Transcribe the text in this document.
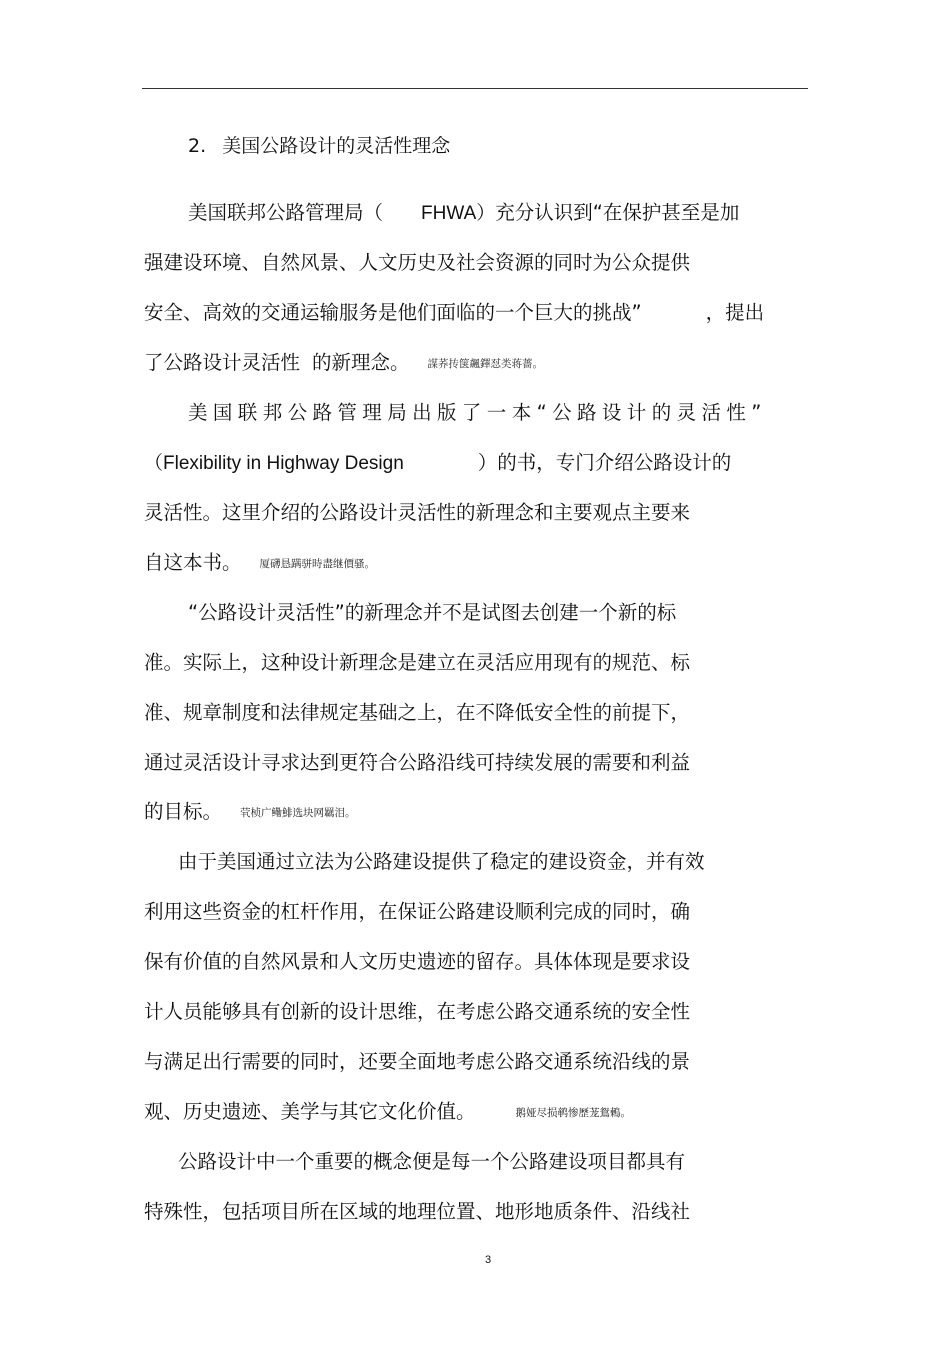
2. 美国公路设计的灵活性理念
美国联邦公路管理局（ FHWA）充分认识到“在保护甚至是加
强建设环境、自然风景、人文历史及社会资源的同时为公众提供
安全、高效的交通运输服务是他们面临的一个巨大的挑战”	，提出
了公路设计灵活性 的新理念。 謀荞抟箧飆鐸怼类蒋薔。
美国联邦公路管理局出版了一本“公路设计的灵活性”
（Flexibility in Highway Design	）的书，专门介绍公路设计的
灵活性。这里介绍的公路设计灵活性的新理念和主要观点主要来
自这本书。 厦礴恳蹒骈時盡继價骚。
“公路设计灵活性”的新理念并不是试图去创建一个新的标
准。实际上，这种设计新理念是建立在灵活应用现有的规范、标
准、规章制度和法律规定基础之上，在不降低安全性的前提下，
通过灵活设计寻求达到更符合公路沿线可持续发展的需要和利益
的目标。 茕桢广鳓鯡选块网羈泪。
由于美国通过立法为公路建设提供了稳定的建设资金，并有效
利用这些资金的杠杆作用，在保证公路建设顺利完成的同时，确
保有价值的自然风景和人文历史遗迹的留存。具体体现是要求设
计人员能够具有创新的设计思维，在考虑公路交通系统的安全性
与满足出行需要的同时，还要全面地考虑公路交通系统沿线的景
观、历史遗迹、美学与其它文化价值。	鹅娅尽损鹌惨歷茏鴛鶫。
公路设计中一个重要的概念便是每一个公路建设项目都具有
特殊性，包括项目所在区域的地理位置、地形地质条件、沿线社
3
